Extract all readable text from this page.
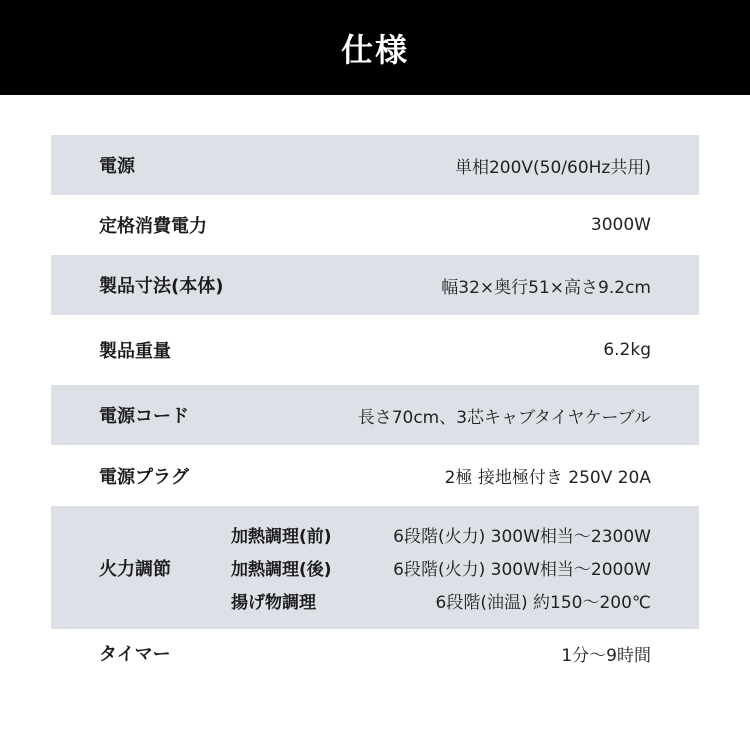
仕様
電源	単相200V(50/60Hz共用)
定格消費電力	3000W
製品寸法(本体)	幅32×奥行51×高さ9.2cm
製品重量	6.2kg
電源コード	長さ70cm、3芯キャブタイヤケーブル
電源プラグ	2極 接地極付き 250V 20A
火力調節
加熱調理(前)	6段階(火力) 300W相当〜2300W
加熱調理(後)	6段階(火力) 300W相当〜2000W
揚げ物調理	6段階(油温) 約150〜200℃
タイマー	1分〜9時間
